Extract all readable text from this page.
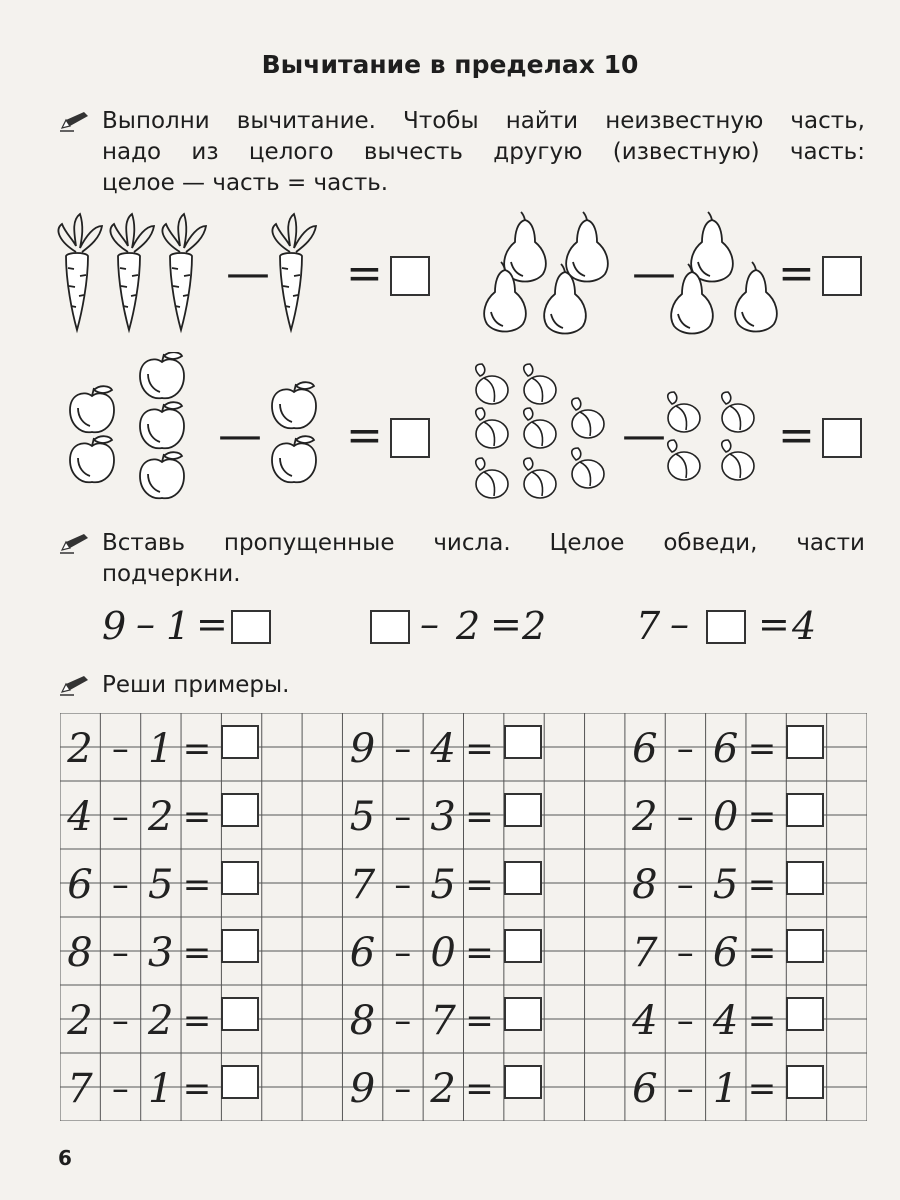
Вычитание в пределах 10
Выполни вычитание. Чтобы найти неизвестную часть,
надо из целого вычесть другую (известную) часть:
целое — часть = часть.
— =	— =
— =	—	=
Вставь пропущенные числа. Целое обведи, части
подчеркни.
9 – 1 =	– 2 = 2 7 – = 4
Реши примеры.
2 – 1 =	9 – 4 =	6 – 6 =
4 – 2 =	5 – 3 =	2 – 0 =
6 – 5 =	7 – 5 =	8 – 5 =
8 – 3 =	6 – 0 =	7 – 6 =
2 – 2 =	8 – 7 =	4 – 4 =
7 – 1 =	9 – 2 =	6 – 1 =
6
